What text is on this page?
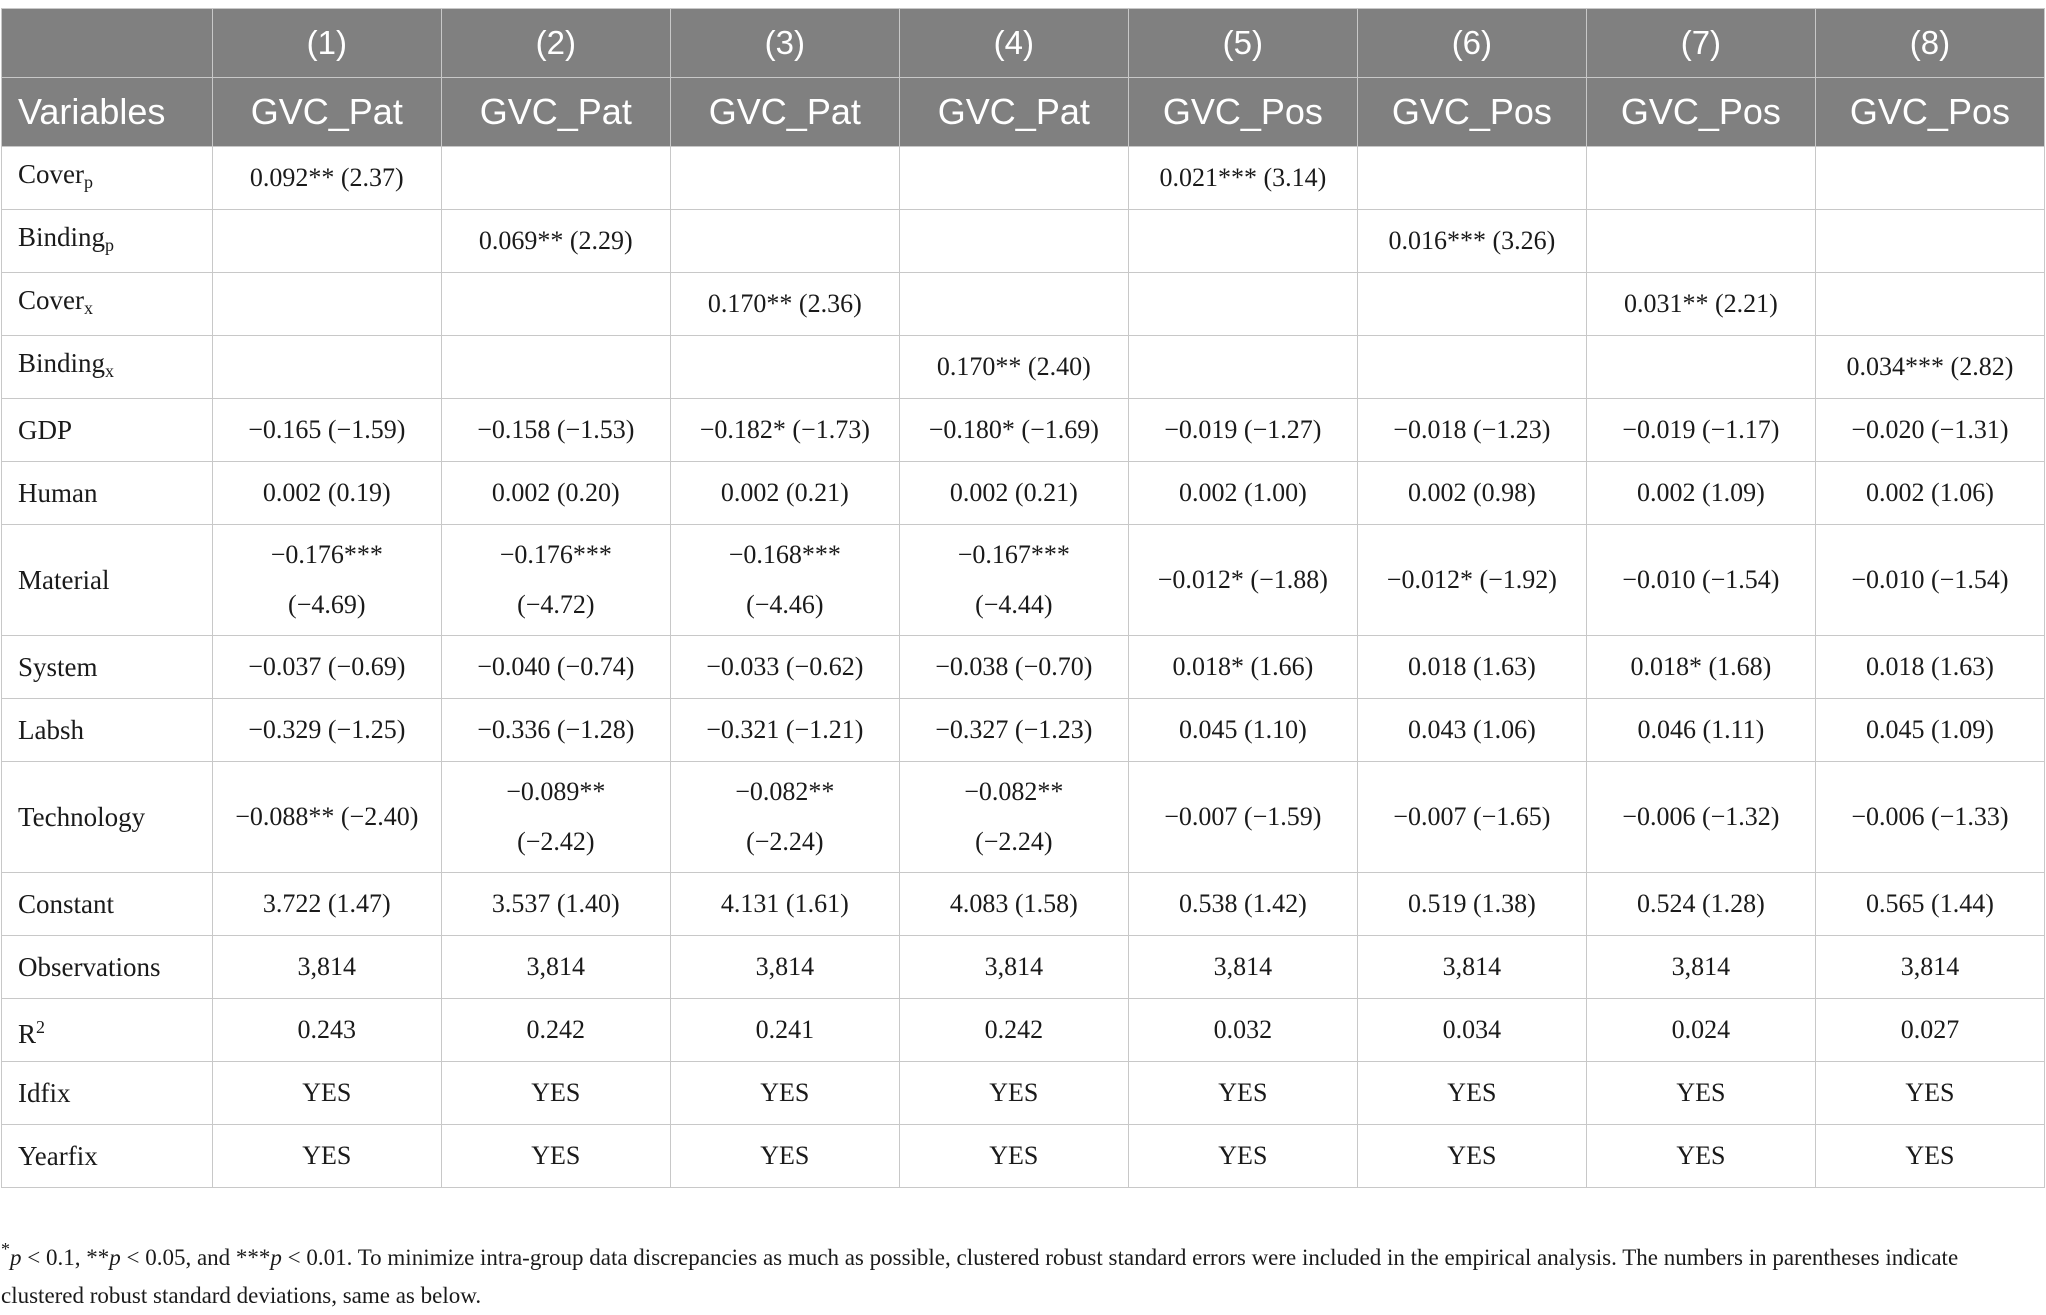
	(1)	(2)	(3)	(4)	(5)	(6)	(7)	(8)
Variables	GVC_Pat	GVC_Pat	GVC_Pat	GVC_Pat	GVC_Pos	GVC_Pos	GVC_Pos	GVC_Pos
Cover$_p$	0.092** (2.37)				0.021*** (3.14)			
Binding$_p$		0.069** (2.29)				0.016*** (3.26)		
Cover$_x$			0.170** (2.36)				0.031** (2.21)	
Binding$_x$				0.170** (2.40)				0.034*** (2.82)
GDP	−0.165 (−1.59)	−0.158 (−1.53)	−0.182* (−1.73)	−0.180* (−1.69)	−0.019 (−1.27)	−0.018 (−1.23)	−0.019 (−1.17)	−0.020 (−1.31)
Human	0.002 (0.19)	0.002 (0.20)	0.002 (0.21)	0.002 (0.21)	0.002 (1.00)	0.002 (0.98)	0.002 (1.09)	0.002 (1.06)
Material	−0.176***
(−4.69)	−0.176***
(−4.72)	−0.168***
(−4.46)	−0.167***
(−4.44)	−0.012* (−1.88)	−0.012* (−1.92)	−0.010 (−1.54)	−0.010 (−1.54)
System	−0.037 (−0.69)	−0.040 (−0.74)	−0.033 (−0.62)	−0.038 (−0.70)	0.018* (1.66)	0.018 (1.63)	0.018* (1.68)	0.018 (1.63)
Labsh	−0.329 (−1.25)	−0.336 (−1.28)	−0.321 (−1.21)	−0.327 (−1.23)	0.045 (1.10)	0.043 (1.06)	0.046 (1.11)	0.045 (1.09)
Technology	−0.088** (−2.40)	−0.089**
(−2.42)	−0.082**
(−2.24)	−0.082**
(−2.24)	−0.007 (−1.59)	−0.007 (−1.65)	−0.006 (−1.32)	−0.006 (−1.33)
Constant	3.722 (1.47)	3.537 (1.40)	4.131 (1.61)	4.083 (1.58)	0.538 (1.42)	0.519 (1.38)	0.524 (1.28)	0.565 (1.44)
Observations	3,814	3,814	3,814	3,814	3,814	3,814	3,814	3,814
$R^2$	0.243	0.242	0.241	0.242	0.032	0.034	0.024	0.027
Idfix	YES	YES	YES	YES	YES	YES	YES	YES
Yearfix	YES	YES	YES	YES	YES	YES	YES	YES

*p < 0.1, **p < 0.05, and ***p < 0.01. To minimize intra-group data discrepancies as much as possible, clustered robust standard errors were included in the empirical analysis. The numbers in parentheses indicate clustered robust standard deviations, same as below.
